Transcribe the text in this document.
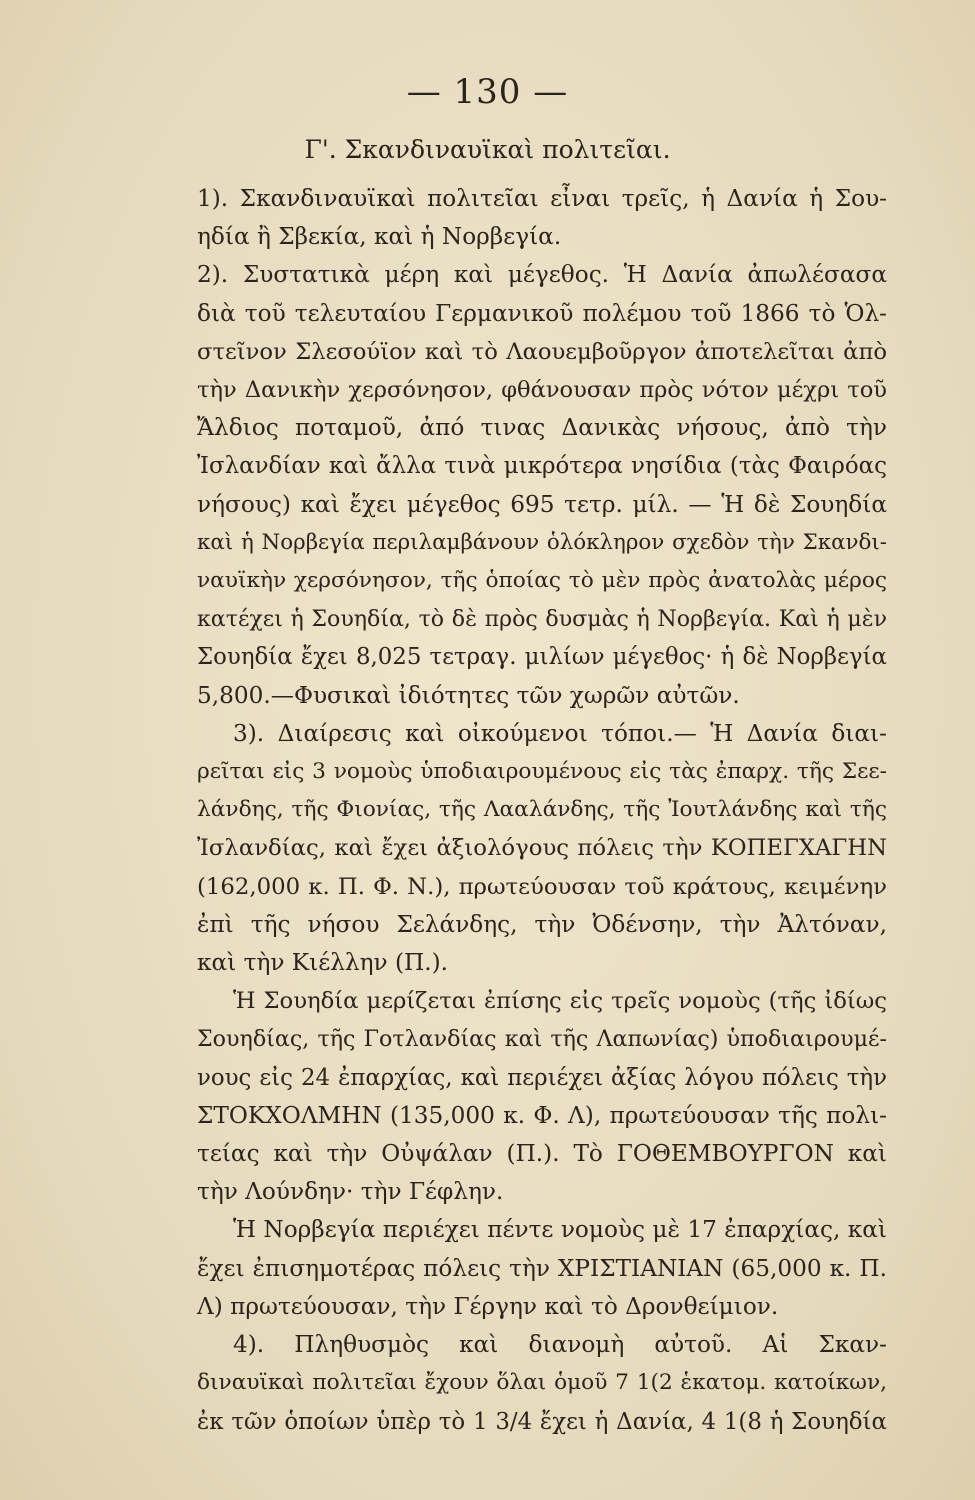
— 130 —
Γ'. Σκανδιναυϊκαὶ πολιτεῖαι.
1). Σκανδιναυϊκαὶ πολιτεῖαι εἶναι τρεῖς, ἡ Δανία ἡ Σου-
ηδία ἢ Σβεκία, καὶ ἡ Νορβεγία.
2). Συστατικὰ μέρη καὶ μέγεθος. Ἡ Δανία ἀπωλέσασα
διὰ τοῦ τελευταίου Γερμανικοῦ πολέμου τοῦ 1866 τὸ Ὁλ-
στεῖνον Σλεσούϊον καὶ τὸ Λαουεμβοῦργον ἀποτελεῖται ἀπὸ
τὴν Δανικὴν χερσόνησον, φθάνουσαν πρὸς νότον μέχρι τοῦ
Ἄλδιος ποταμοῦ, ἀπό τινας Δανικὰς νήσους, ἀπὸ τὴν
Ἰσλανδίαν καὶ ἄλλα τινὰ μικρότερα νησίδια (τὰς Φαιρόας
νήσους) καὶ ἔχει μέγεθος 695 τετρ. μίλ. — Ἡ δὲ Σουηδία
καὶ ἡ Νορβεγία περιλαμβάνουν ὁλόκληρον σχεδὸν τὴν Σκανδι-
ναυϊκὴν χερσόνησον, τῆς ὁποίας τὸ μὲν πρὸς ἀνατολὰς μέρος
κατέχει ἡ Σουηδία, τὸ δὲ πρὸς δυσμὰς ἡ Νορβεγία. Καὶ ἡ μὲν
Σουηδία ἔχει 8,025 τετραγ. μιλίων μέγεθος· ἡ δὲ Νορβεγία
5,800.—Φυσικαὶ ἰδιότητες τῶν χωρῶν αὐτῶν.
3). Διαίρεσις καὶ οἰκούμενοι τόποι.— Ἡ Δανία διαι-
ρεῖται εἰς 3 νομοὺς ὑποδιαιρουμένους εἰς τὰς ἐπαρχ. τῆς Σεε-
λάνδης, τῆς Φιονίας, τῆς Λααλάνδης, τῆς Ἰουτλάνδης καὶ τῆς
Ἰσλανδίας, καὶ ἔχει ἀξιολόγους πόλεις τὴν ΚΟΠΕΓΧΑΓΗΝ
(162,000 κ. Π. Φ. Ν.), πρωτεύουσαν τοῦ κράτους, κειμένην
ἐπὶ τῆς νήσου Σελάνδης, τὴν Ὀδένσην, τὴν Ἀλτόναν,
καὶ τὴν Κιέλλην (Π.).
Ἡ Σουηδία μερίζεται ἐπίσης εἰς τρεῖς νομοὺς (τῆς ἰδίως
Σουηδίας, τῆς Γοτλανδίας καὶ τῆς Λαπωνίας) ὑποδιαιρουμέ-
νους εἰς 24 ἐπαρχίας, καὶ περιέχει ἀξίας λόγου πόλεις τὴν
ΣΤΟΚΧΟΛΜΗΝ (135,000 κ. Φ. Λ), πρωτεύουσαν τῆς πολι-
τείας καὶ τὴν Οὐψάλαν (Π.). Τὸ ΓΟΘΕΜΒΟΥΡΓΟΝ καὶ
τὴν Λούνδην· τὴν Γέφλην.
Ἡ Νορβεγία περιέχει πέντε νομοὺς μὲ 17 ἐπαρχίας, καὶ
ἔχει ἐπισημοτέρας πόλεις τὴν ΧΡΙΣΤΙΑΝΙΑΝ (65,000 κ. Π.
Λ) πρωτεύουσαν, τὴν Γέργην καὶ τὸ Δρονθείμιον.
4). Πληθυσμὸς καὶ διανομὴ αὐτοῦ. Αἱ Σκαν-
διναυϊκαὶ πολιτεῖαι ἔχουν ὅλαι ὁμοῦ 7 1(2 ἑκατομ. κατοίκων,
ἐκ τῶν ὁποίων ὑπὲρ τὸ 1 3/4 ἔχει ἡ Δανία, 4 1(8 ἡ Σουηδία
